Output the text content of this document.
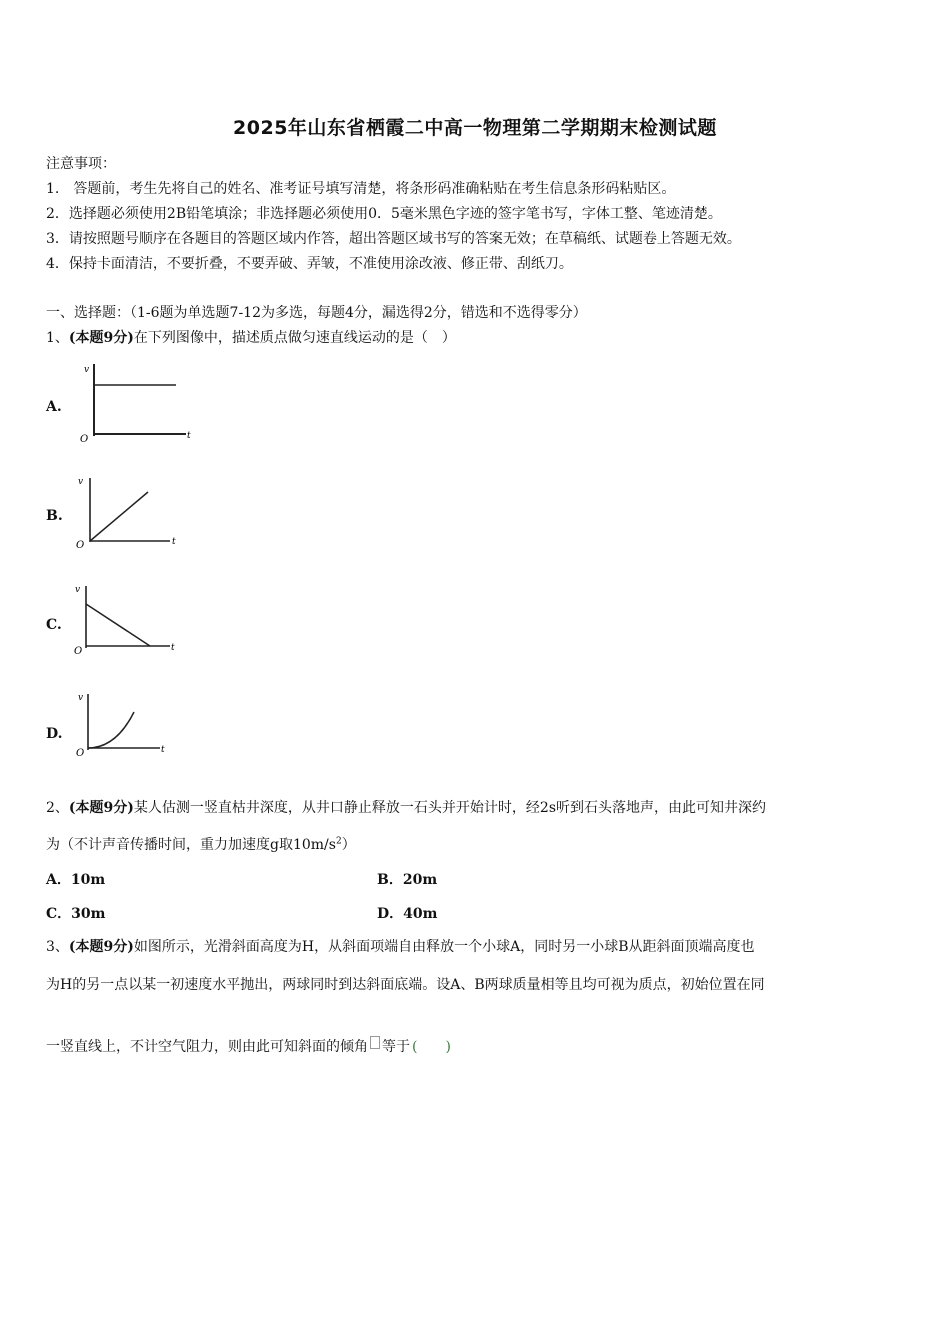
2025年山东省栖霞二中高一物理第二学期期末检测试题
注意事项：
1.　答题前，考生先将自己的姓名、准考证号填写清楚，将条形码准确粘贴在考生信息条形码粘贴区。
2．选择题必须使用2B铅笔填涂；非选择题必须使用0．5毫米黑色字迹的签字笔书写，字体工整、笔迹清楚。
3．请按照题号顺序在各题目的答题区域内作答，超出答题区域书写的答案无效；在草稿纸、试题卷上答题无效。
4．保持卡面清洁，不要折叠，不要弄破、弄皱，不准使用涂改液、修正带、刮纸刀。
一、选择题：（1-6题为单选题7-12为多选，每题4分，漏选得2分，错选和不选得零分）
1、(本题9分)在下列图像中，描述质点做匀速直线运动的是（　）
A.
v
t
O
B.
v
t
O
C.
v
t
O
D.
v
t
O
2、(本题9分)某人估测一竖直枯井深度，从井口静止释放一石头并开始计时，经2s听到石头落地声，由此可知井深约
为（不计声音传播时间，重力加速度g取$10m/s^2$）
A．10m	B．20m
C．30m	D．40m
3、(本题9分)如图所示，光滑斜面高度为H，从斜面项端自由释放一个小球A，同时另一小球B从距斜面顶端高度也
为H的另一点以某一初速度水平抛出，两球同时到达斜面底端。设A、B两球质量相等且均可视为质点，初始位置在同
一竖直线上，不计空气阻力，则由此可知斜面的倾角 等于 (　　)
